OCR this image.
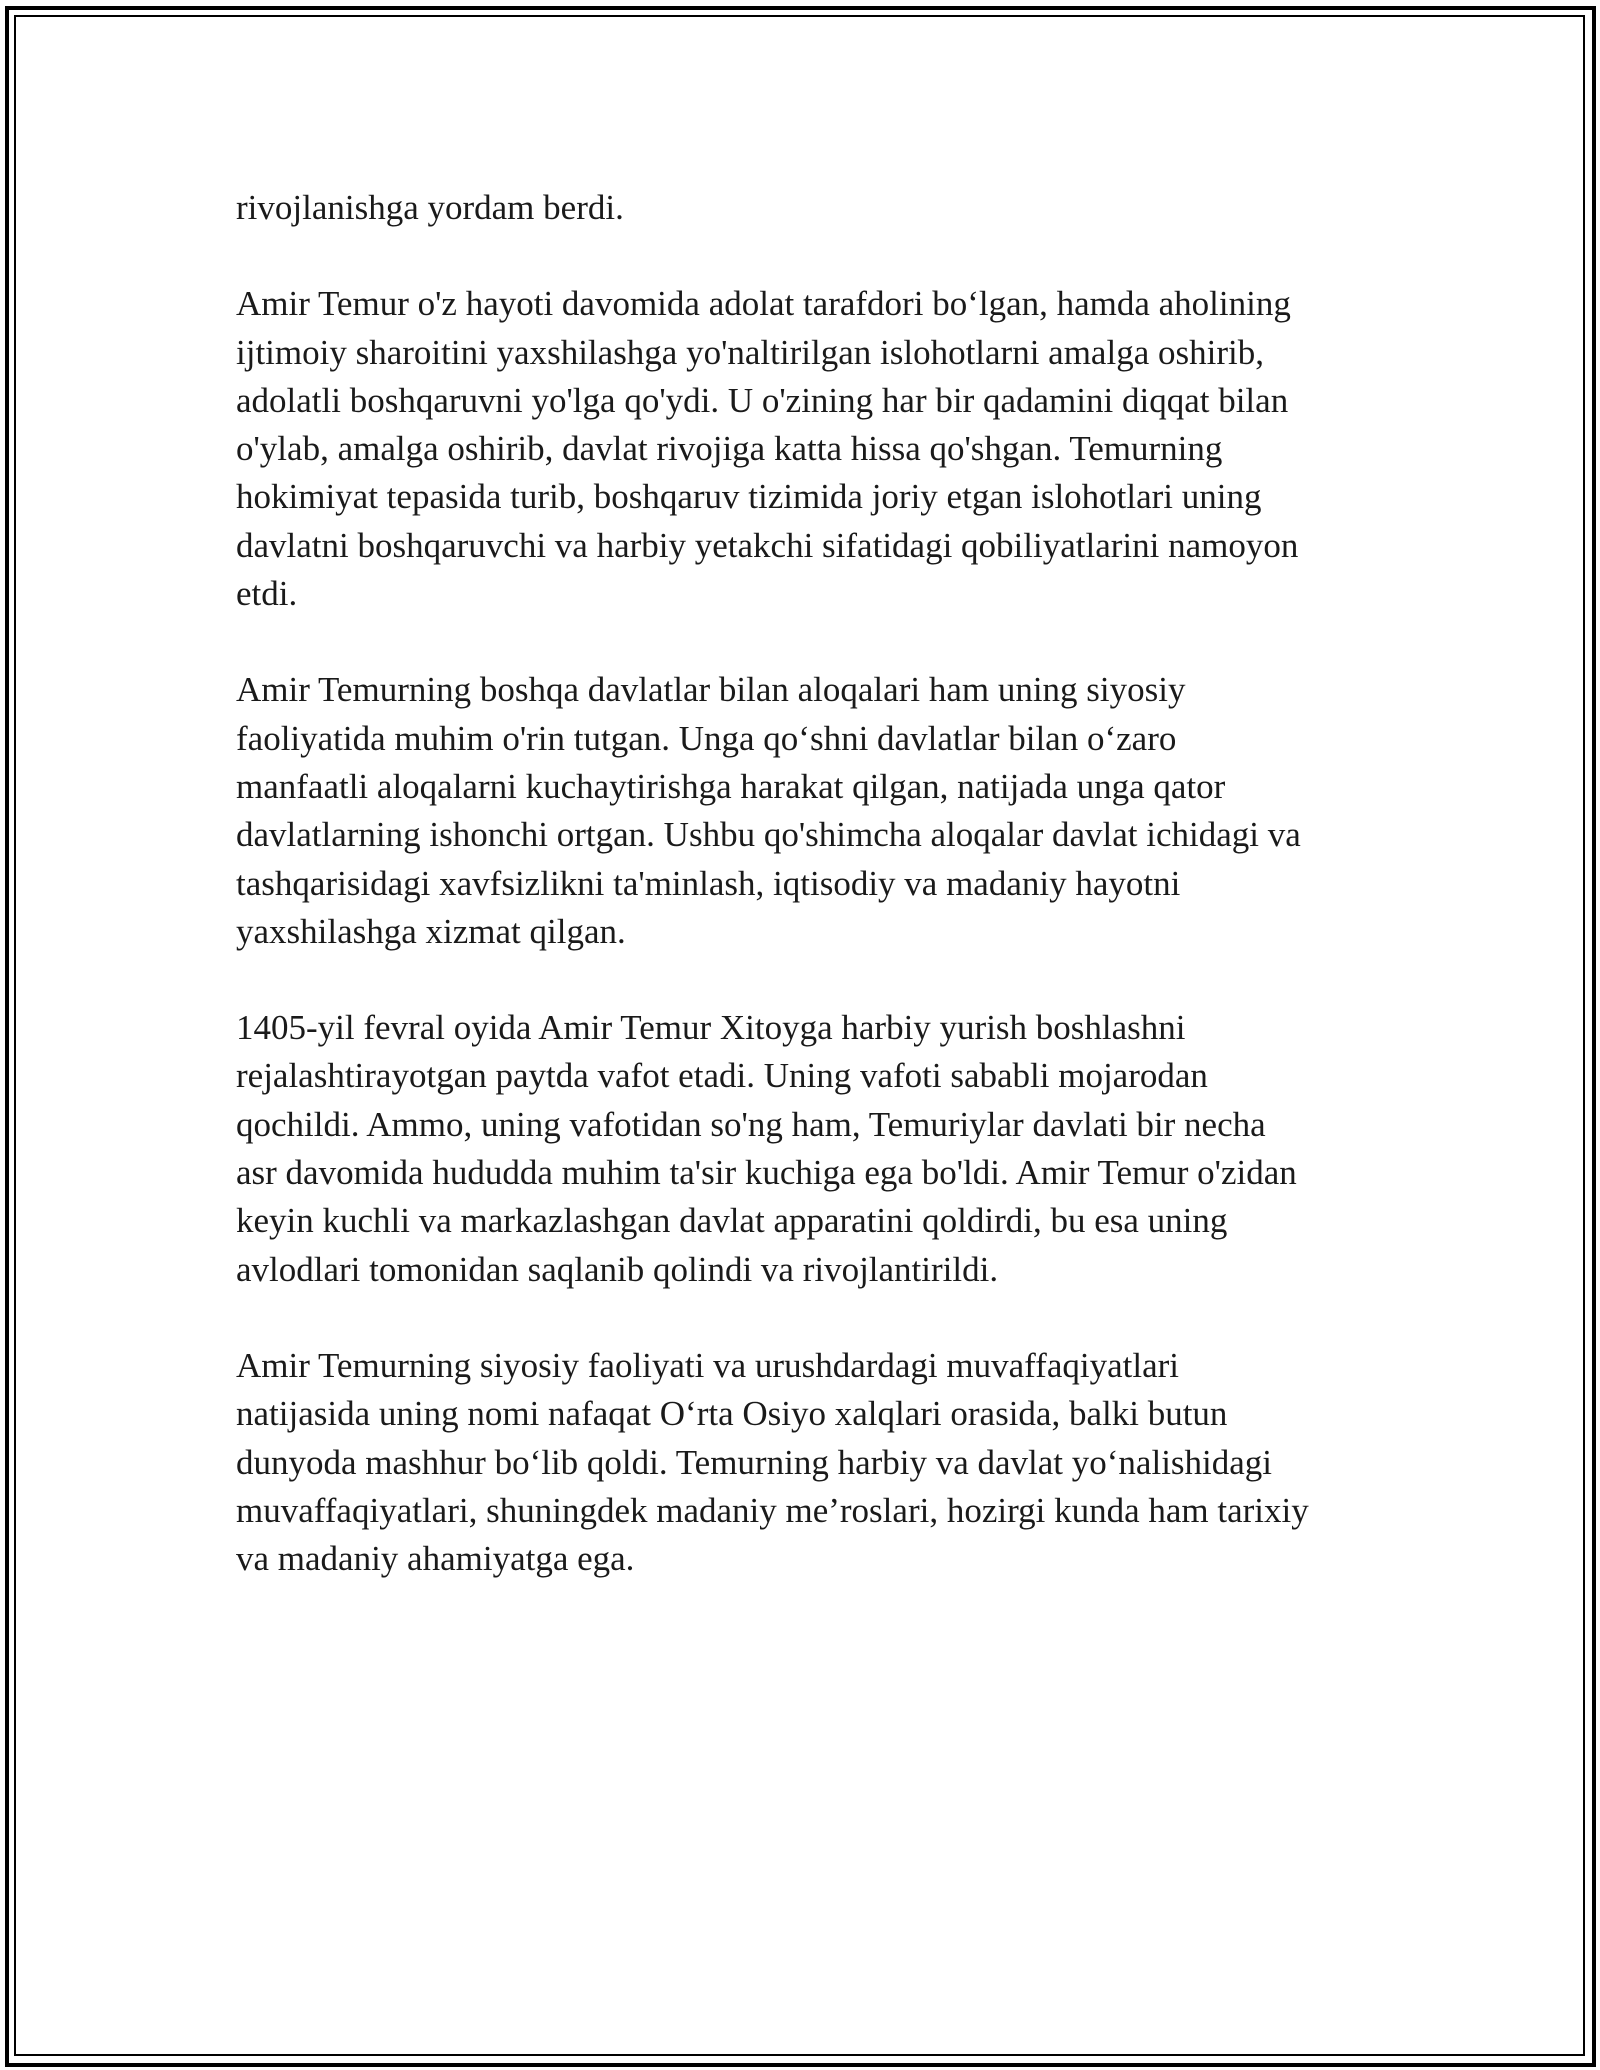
rivojlanishga yordam berdi.

Amir Temur o'z hayoti davomida adolat tarafdori bo‘lgan, hamda aholining
ijtimoiy sharoitini yaxshilashga yo'naltirilgan islohotlarni amalga oshirib,
adolatli boshqaruvni yo'lga qo'ydi. U o'zining har bir qadamini diqqat bilan
o'ylab, amalga oshirib, davlat rivojiga katta hissa qo'shgan. Temurning
hokimiyat tepasida turib, boshqaruv tizimida joriy etgan islohotlari uning
davlatni boshqaruvchi va harbiy yetakchi sifatidagi qobiliyatlarini namoyon
etdi.

Amir Temurning boshqa davlatlar bilan aloqalari ham uning siyosiy
faoliyatida muhim o'rin tutgan. Unga qo‘shni davlatlar bilan o‘zaro
manfaatli aloqalarni kuchaytirishga harakat qilgan, natijada unga qator
davlatlarning ishonchi ortgan. Ushbu qo'shimcha aloqalar davlat ichidagi va
tashqarisidagi xavfsizlikni ta'minlash, iqtisodiy va madaniy hayotni
yaxshilashga xizmat qilgan.

1405-yil fevral oyida Amir Temur Xitoyga harbiy yurish boshlashni
rejalashtirayotgan paytda vafot etadi. Uning vafoti sababli mojarodan
qochildi. Ammo, uning vafotidan so'ng ham, Temuriylar davlati bir necha
asr davomida hududda muhim ta'sir kuchiga ega bo'ldi. Amir Temur o'zidan
keyin kuchli va markazlashgan davlat apparatini qoldirdi, bu esa uning
avlodlari tomonidan saqlanib qolindi va rivojlantirildi.

Amir Temurning siyosiy faoliyati va urushdardagi muvaffaqiyatlari
natijasida uning nomi nafaqat O‘rta Osiyo xalqlari orasida, balki butun
dunyoda mashhur bo‘lib qoldi. Temurning harbiy va davlat yo‘nalishidagi
muvaffaqiyatlari, shuningdek madaniy me’roslari, hozirgi kunda ham tarixiy
va madaniy ahamiyatga ega.
